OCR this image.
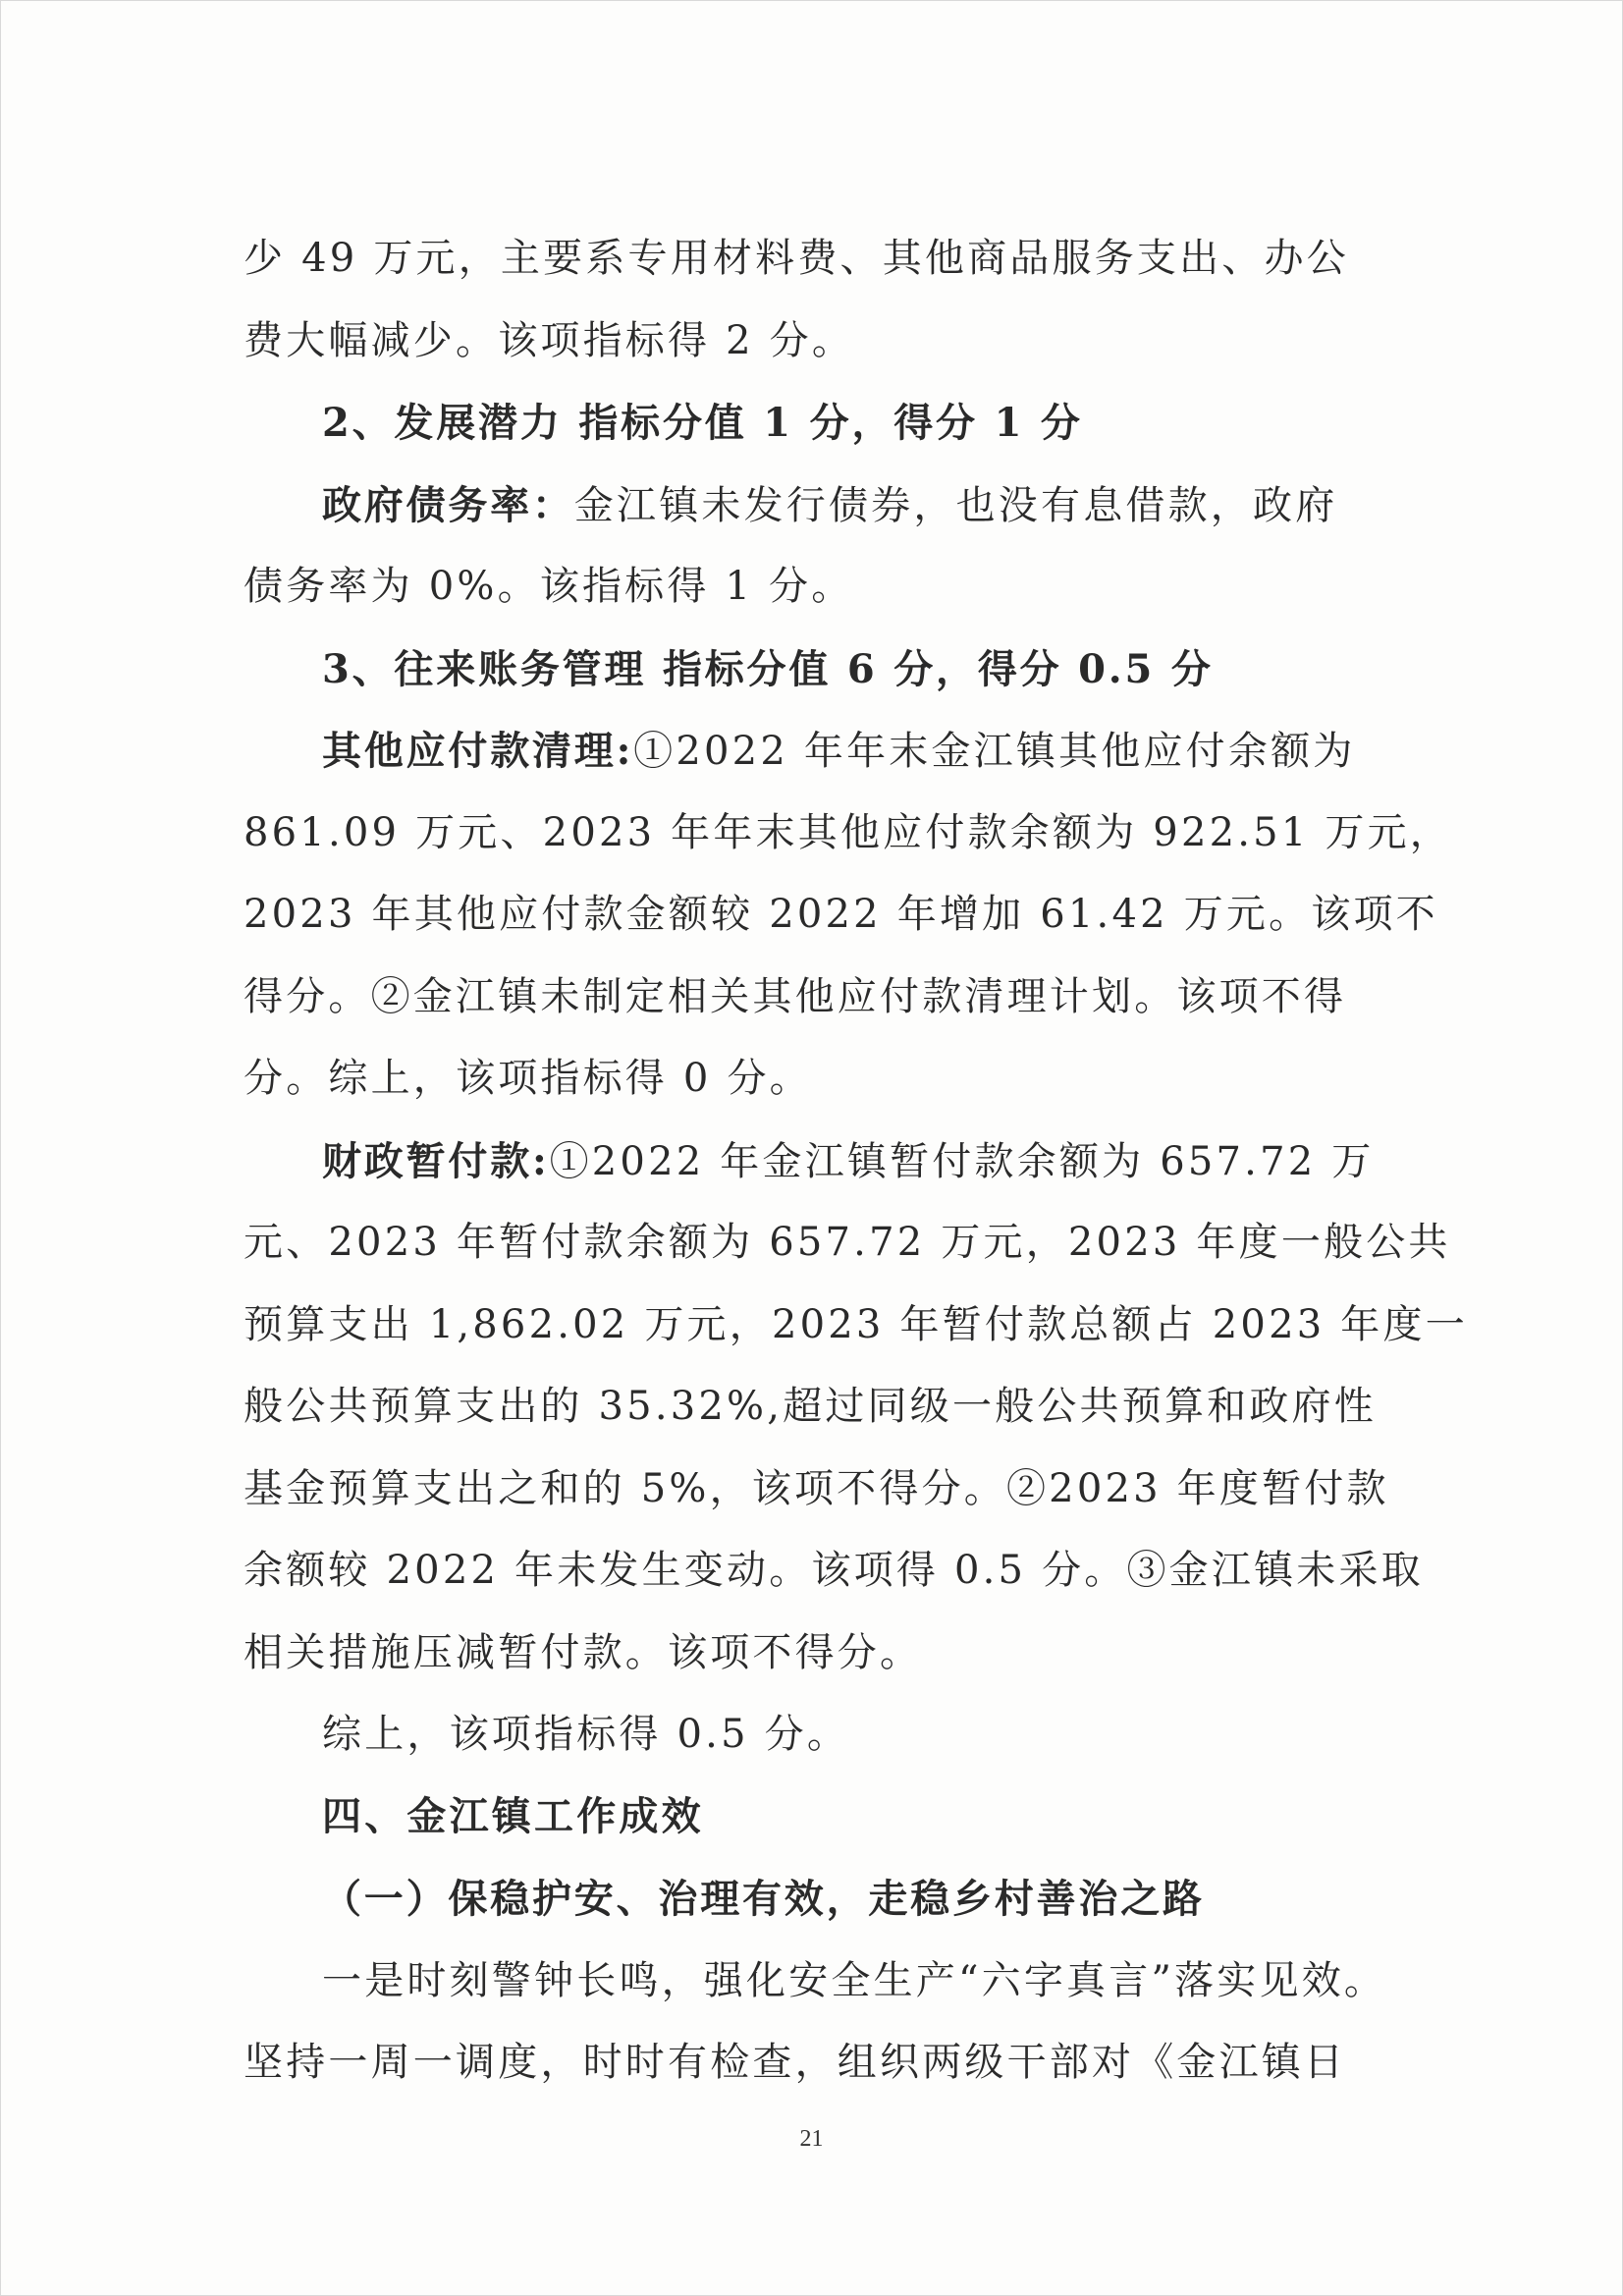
少 49 万元，主要系专用材料费、其他商品服务支出、办公
费大幅减少。该项指标得 2 分。
2、发展潜力 指标分值 1 分，得分 1 分
政府债务率：金江镇未发行债券，也没有息借款，政府
债务率为 0%。该指标得 1 分。
3、往来账务管理 指标分值 6 分，得分 0.5 分
其他应付款清理:①2022 年年末金江镇其他应付余额为
861.09 万元、2023 年年末其他应付款余额为 922.51 万元，
2023 年其他应付款金额较 2022 年增加 61.42 万元。该项不
得分。②金江镇未制定相关其他应付款清理计划。该项不得
分。综上，该项指标得 0 分。
财政暂付款:①2022 年金江镇暂付款余额为 657.72 万
元、2023 年暂付款余额为 657.72 万元，2023 年度一般公共
预算支出 1,862.02 万元，2023 年暂付款总额占 2023 年度一
般公共预算支出的 35.32%,超过同级一般公共预算和政府性
基金预算支出之和的 5%，该项不得分。②2023 年度暂付款
余额较 2022 年未发生变动。该项得 0.5 分。③金江镇未采取
相关措施压减暂付款。该项不得分。
综上，该项指标得 0.5 分。
四、金江镇工作成效
（一）保稳护安、治理有效，走稳乡村善治之路
一是时刻警钟长鸣，强化安全生产“六字真言”落实见效。
坚持一周一调度，时时有检查，组织两级干部对《金江镇日
21
